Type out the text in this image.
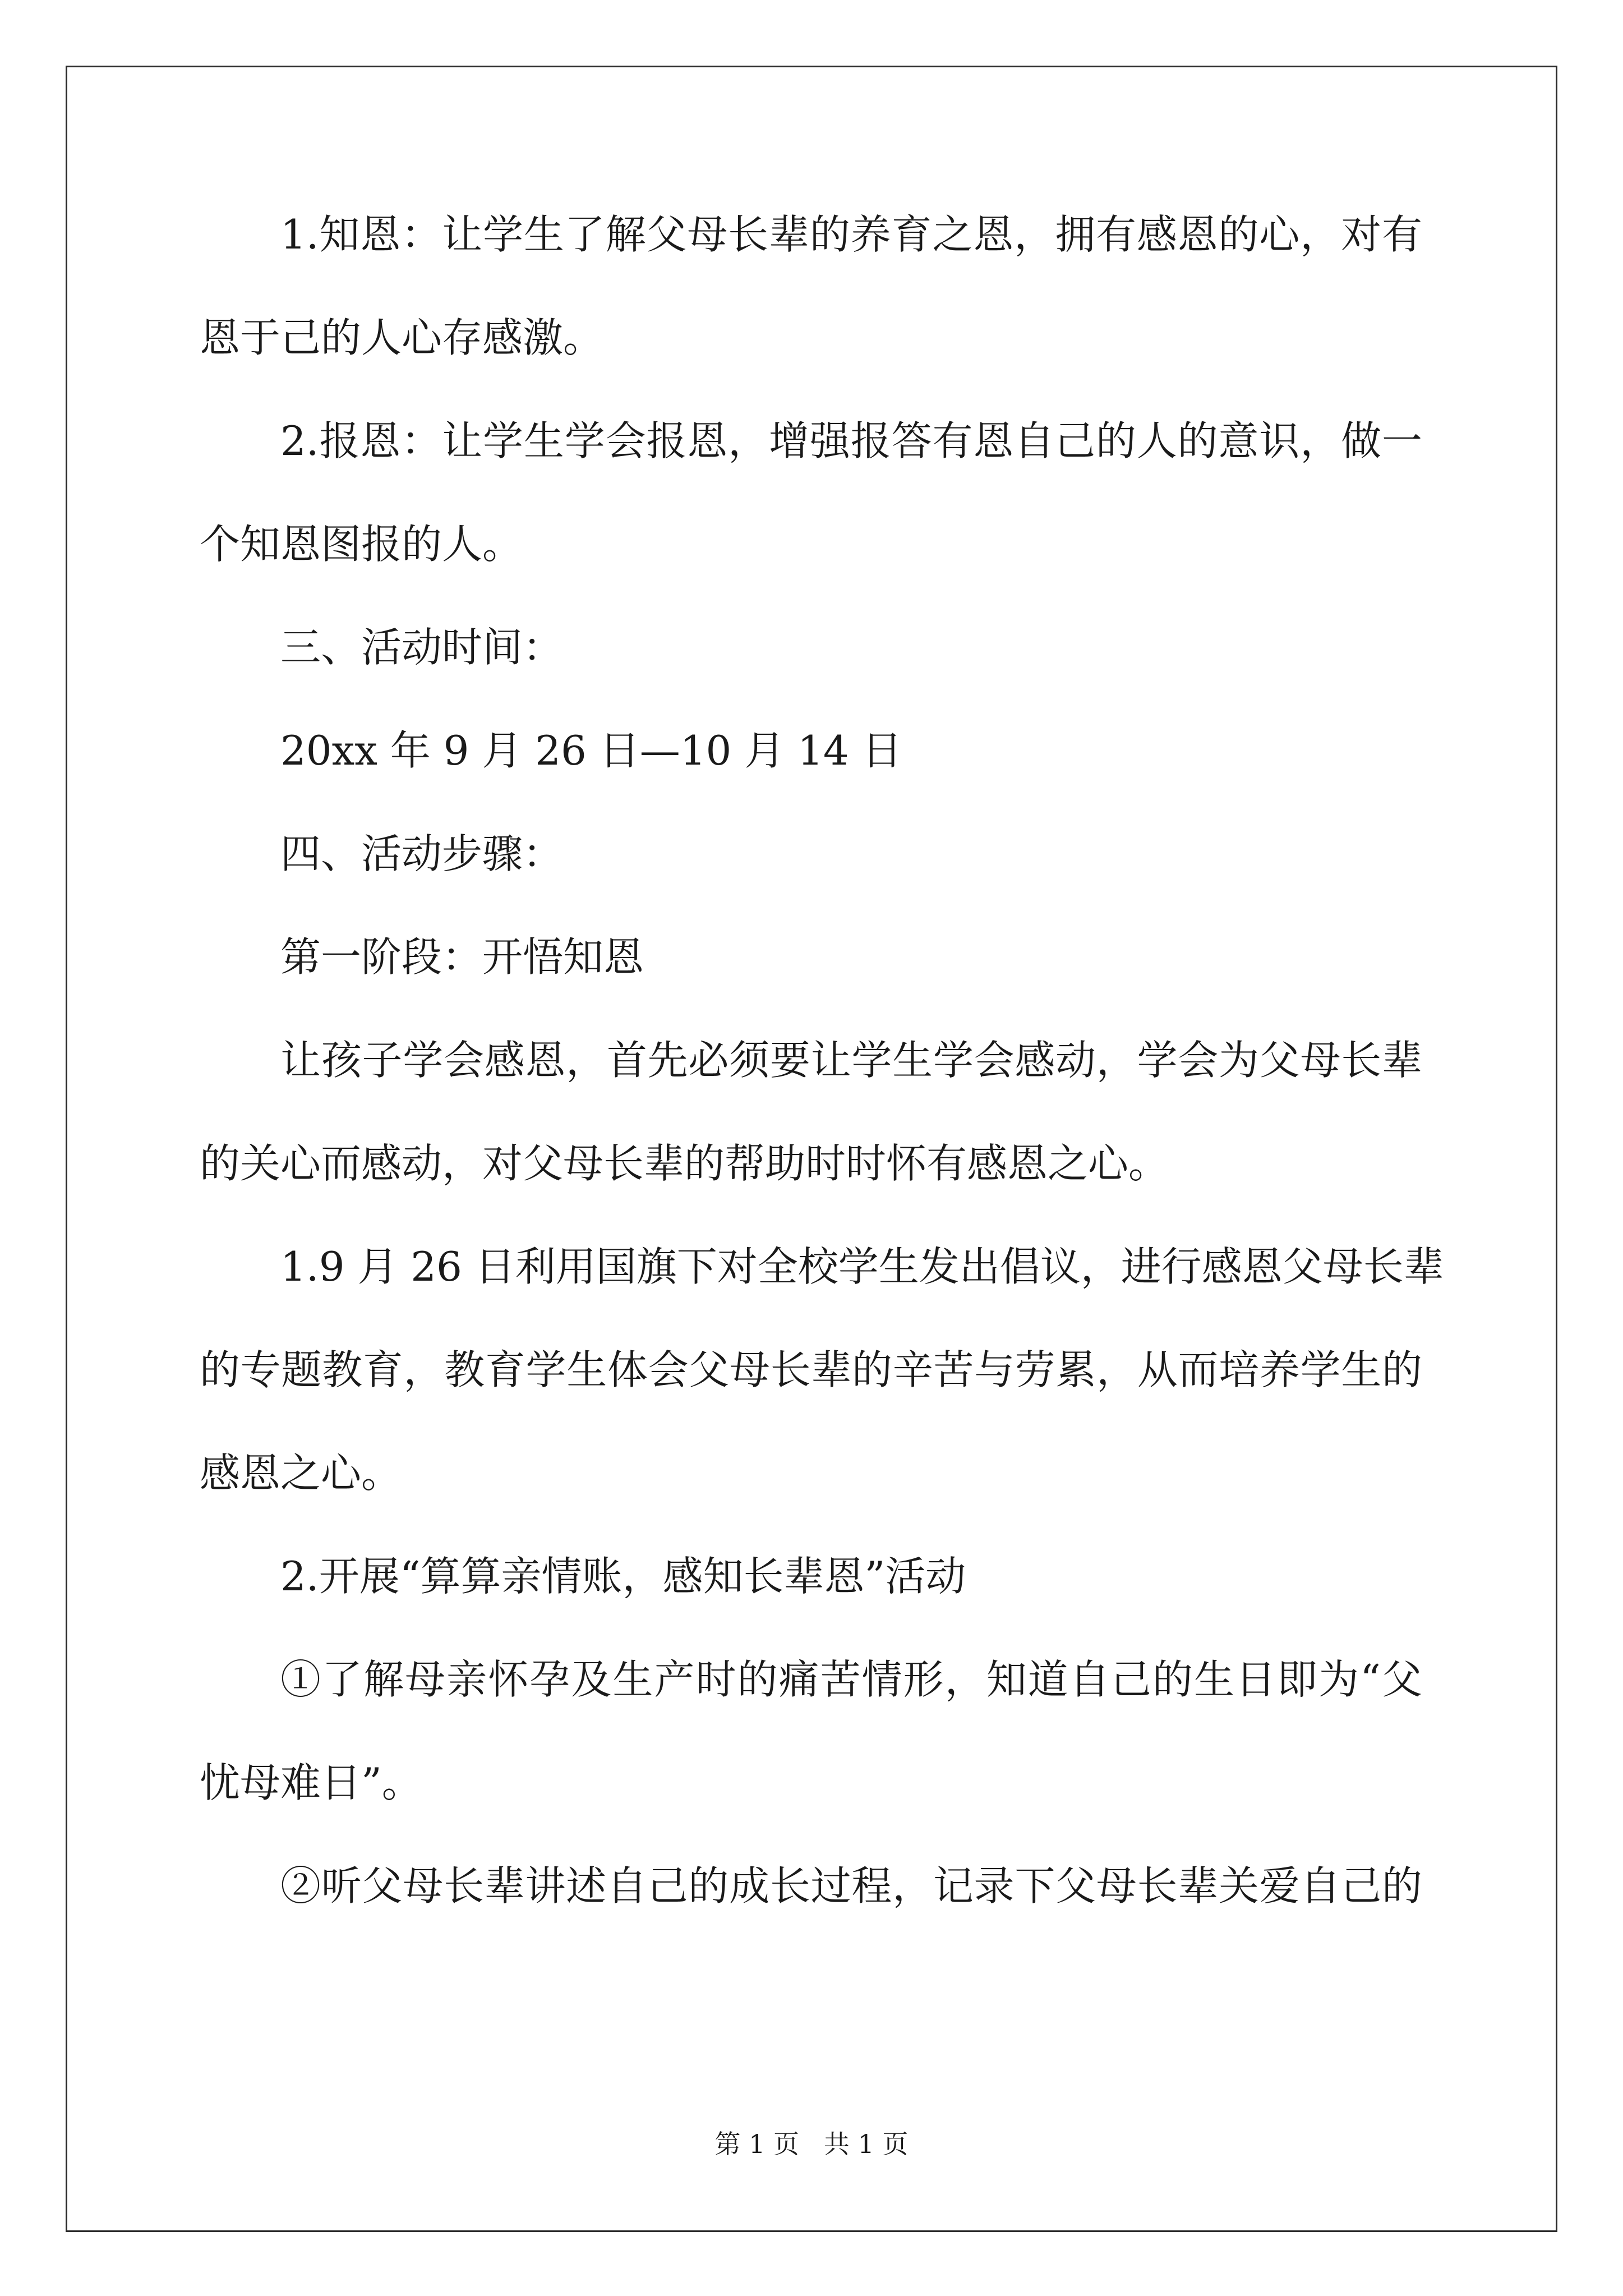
1.知恩：让学生了解父母长辈的养育之恩，拥有感恩的心，对有
恩于己的人心存感激。
2.报恩：让学生学会报恩，增强报答有恩自己的人的意识，做一
个知恩图报的人。
三、活动时间：
20xx 年 9 月 26 日—10 月 14 日
四、活动步骤：
第一阶段：开悟知恩
让孩子学会感恩，首先必须要让学生学会感动，学会为父母长辈
的关心而感动，对父母长辈的帮助时时怀有感恩之心。
1.9 月 26 日利用国旗下对全校学生发出倡议，进行感恩父母长辈
的专题教育，教育学生体会父母长辈的辛苦与劳累，从而培养学生的
感恩之心。
2.开展“算算亲情账，感知长辈恩”活动
①了解母亲怀孕及生产时的痛苦情形，知道自己的生日即为“父
忧母难日”。
②听父母长辈讲述自己的成长过程，记录下父母长辈关爱自己的
第 1 页   共 1 页
